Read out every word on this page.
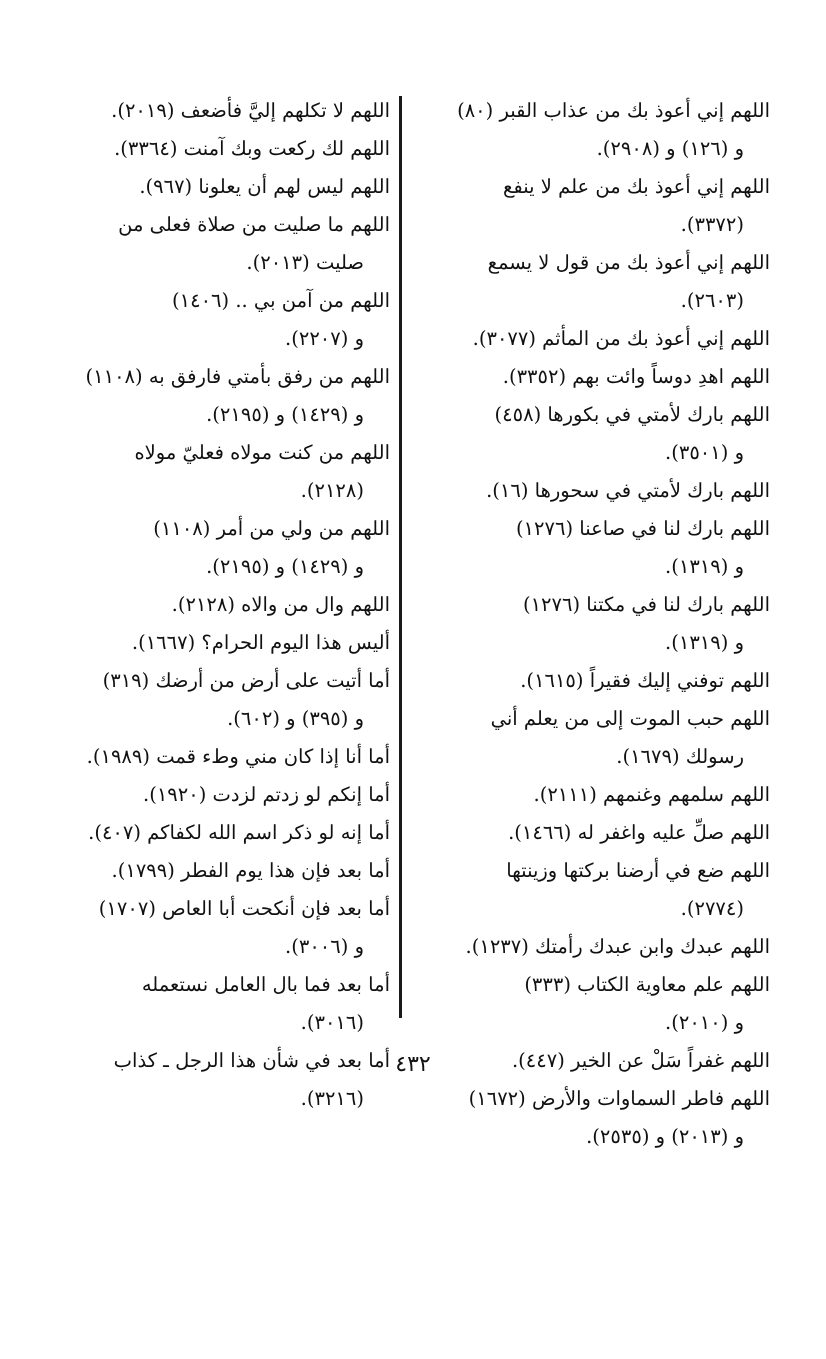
اللهم إني أعوذ بك من عذاب القبر (٨٠)
و (١٢٦) و (٢٩٠٨).

اللهم إني أعوذ بك من علم لا ينفع
(٣٣٧٢).

اللهم إني أعوذ بك من قول لا يسمع
(٢٦٠٣).

اللهم إني أعوذ بك من المأثم (٣٠٧٧).

اللهم اهدِ دوساً وائت بهم (٣٣٥٢).

اللهم بارك لأمتي في بكورها (٤٥٨)
و (٣٥٠١).

اللهم بارك لأمتي في سحورها (١٦).

اللهم بارك لنا في صاعنا (١٢٧٦)
و (١٣١٩).

اللهم بارك لنا في مكتنا (١٢٧٦)
و (١٣١٩).

اللهم توفني إليك فقيراً (١٦١٥).

اللهم حبب الموت إلى من يعلم أني
رسولك (١٦٧٩).

اللهم سلمهم وغنمهم (٢١١١).

اللهم صلِّ عليه واغفر له (١٤٦٦).

اللهم ضع في أرضنا بركتها وزينتها
(٢٧٧٤).

اللهم عبدك وابن عبدك رأمتك (١٢٣٧).

اللهم علم معاوية الكتاب (٣٣٣)
و (٢٠١٠).

اللهم غفراً سَلْ عن الخير (٤٤٧).

اللهم فاطر السماوات والأرض (١٦٧٢)
و (٢٠١٣) و (٢٥٣٥).

اللهم لا تكلهم إليَّ فأضعف (٢٠١٩).

اللهم لك ركعت وبك آمنت (٣٣٦٤).

اللهم ليس لهم أن يعلونا (٩٦٧).

اللهم ما صليت من صلاة فعلى من
صليت (٢٠١٣).

اللهم من آمن بي .. (١٤٠٦)
و (٢٢٠٧).

اللهم من رفق بأمتي فارفق به (١١٠٨)
و (١٤٢٩) و (٢١٩٥).

اللهم من كنت مولاه فعليّ مولاه
(٢١٢٨).

اللهم من ولي من أمر (١١٠٨)
و (١٤٢٩) و (٢١٩٥).

اللهم وال من والاه (٢١٢٨).

أليس هذا اليوم الحرام؟ (١٦٦٧).

أما أتيت على أرض من أرضك (٣١٩)
و (٣٩٥) و (٦٠٢).

أما أنا إذا كان مني وطء قمت (١٩٨٩).

أما إنكم لو زدتم لزدت (١٩٢٠).

أما إنه لو ذكر اسم الله لكفاكم (٤٠٧).

أما بعد فإن هذا يوم الفطر (١٧٩٩).

أما بعد فإن أنكحت أبا العاص (١٧٠٧)
و (٣٠٠٦).

أما بعد فما بال العامل نستعمله
(٣٠١٦).

أما بعد في شأن هذا الرجل ـ كذاب
(٣٢١٦).

٤٣٢
